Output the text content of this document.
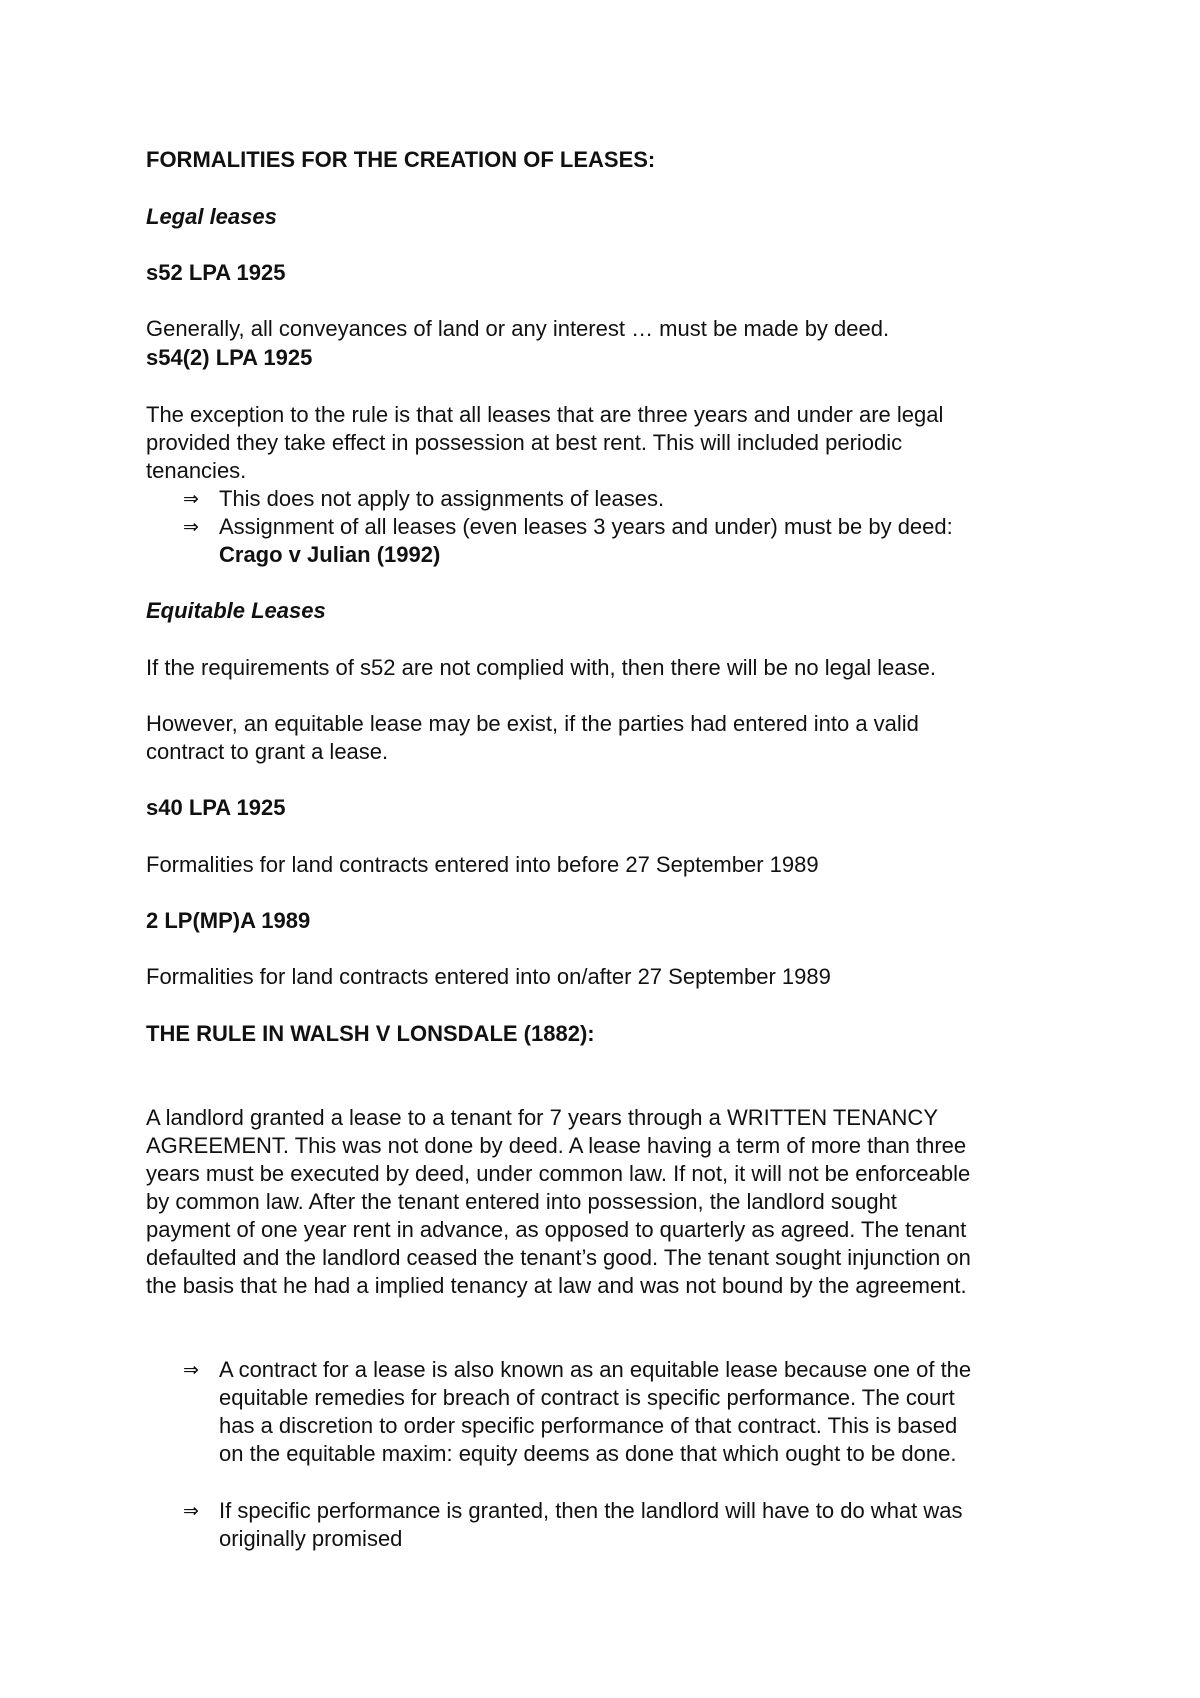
FORMALITIES FOR THE CREATION OF LEASES:

Legal leases

s52 LPA 1925

Generally, all conveyances of land or any interest … must be made by deed.

s54(2) LPA 1925

The exception to the rule is that all leases that are three years and under are legal

provided they take effect in possession at best rent. This will included periodic

tenancies.

⇒ This does not apply to assignments of leases.

⇒ Assignment of all leases (even leases 3 years and under) must be by deed:

Crago v Julian (1992)

Equitable Leases

If the requirements of s52 are not complied with, then there will be no legal lease.

However, an equitable lease may be exist, if the parties had entered into a valid

contract to grant a lease.

s40 LPA 1925

Formalities for land contracts entered into before 27 September 1989

2 LP(MP)A 1989

Formalities for land contracts entered into on/after 27 September 1989

THE RULE IN WALSH V LONSDALE (1882):

A landlord granted a lease to a tenant for 7 years through a WRITTEN TENANCY

AGREEMENT. This was not done by deed. A lease having a term of more than three

years must be executed by deed, under common law. If not, it will not be enforceable

by common law. After the tenant entered into possession, the landlord sought

payment of one year rent in advance, as opposed to quarterly as agreed. The tenant

defaulted and the landlord ceased the tenant’s good. The tenant sought injunction on

the basis that he had a implied tenancy at law and was not bound by the agreement.

⇒ A contract for a lease is also known as an equitable lease because one of the

equitable remedies for breach of contract is specific performance. The court

has a discretion to order specific performance of that contract. This is based

on the equitable maxim: equity deems as done that which ought to be done.

⇒ If specific performance is granted, then the landlord will have to do what was

originally promised
